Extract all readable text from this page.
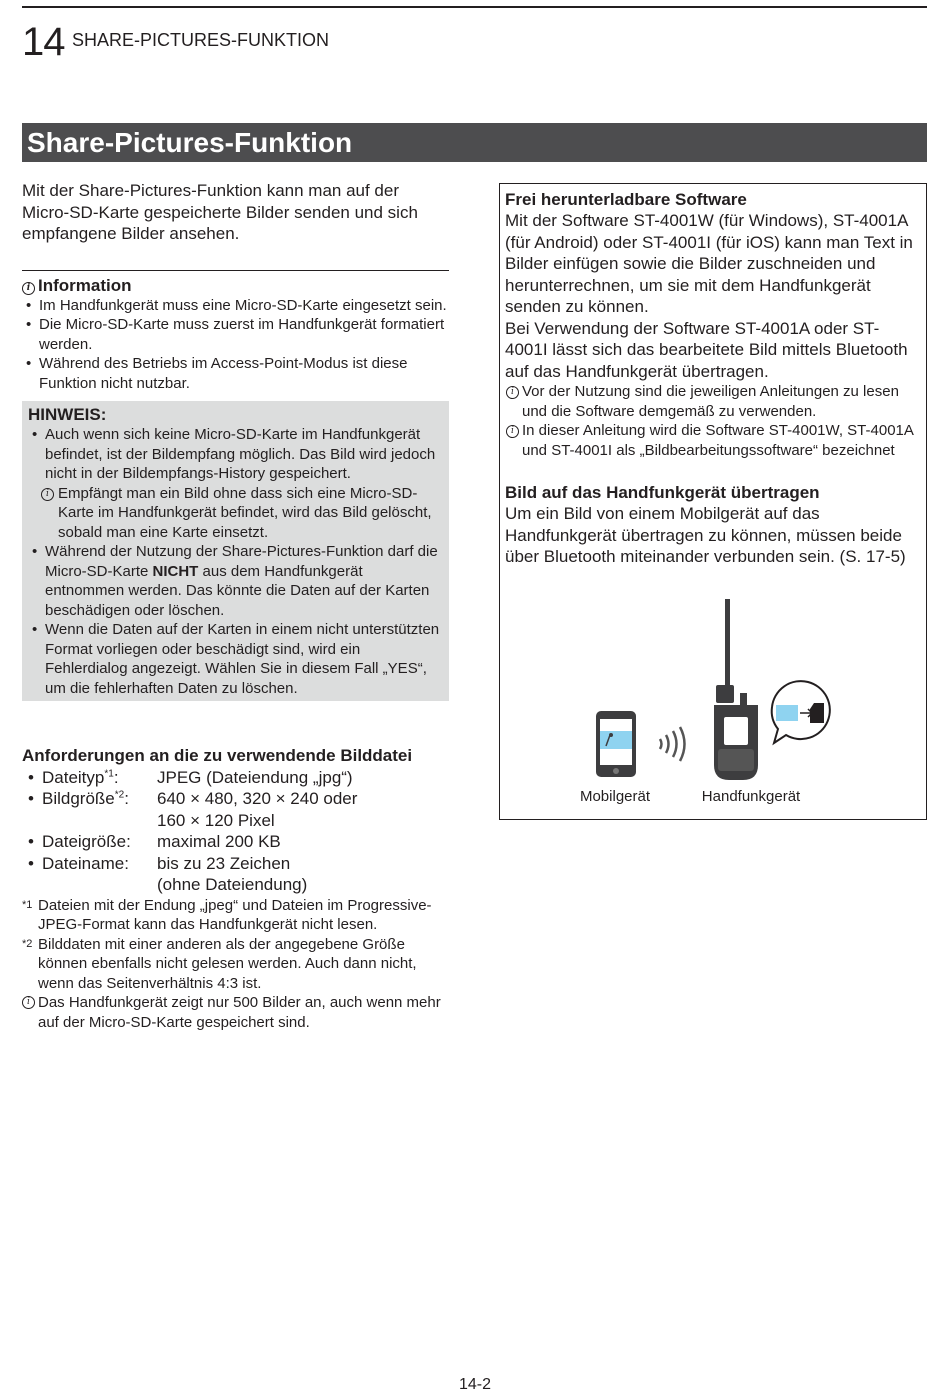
14 SHARE-PICTURES-FUNKTION
Share-Pictures-Funktion

Mit der Share-Pictures-Funktion kann man auf der Micro-SD-Karte gespeicherte Bilder senden und sich empfangene Bilder ansehen.

i Information
• Im Handfunkgerät muss eine Micro-SD-Karte eingesetzt sein.
• Die Micro-SD-Karte muss zuerst im Handfunkgerät formatiert werden.
• Während des Betriebs im Access-Point-Modus ist diese Funktion nicht nutzbar.
HINWEIS:
• Auch wenn sich keine Micro-SD-Karte im Handfunkgerät befindet, ist der Bildempfang möglich. Das Bild wird jedoch nicht in der Bildempfangs-History gespeichert.
i Empfängt man ein Bild ohne dass sich eine Micro-SD-Karte im Handfunkgerät befindet, wird das Bild gelöscht, sobald man eine Karte einsetzt.
• Während der Nutzung der Share-Pictures-Funktion darf die Micro-SD-Karte NICHT aus dem Handfunkgerät entnommen werden. Das könnte die Daten auf der Karten beschädigen oder löschen.
• Wenn die Daten auf der Karten in einem nicht unterstützten Format vorliegen oder beschädigt sind, wird ein Fehlerdialog angezeigt. Wählen Sie in diesem Fall „YES“, um die fehlerhaften Daten zu löschen.
Anforderungen an die zu verwendende Bilddatei
• Dateityp$^{*1}$:	JPEG (Dateiendung „jpg“)
• Bildgröße$^{*2}$:	640 × 480, 320 × 240 oder
160 × 120 Pixel
• Dateigröße:	maximal 200 KB
• Dateiname:	bis zu 23 Zeichen
(ohne Dateiendung)
*1 Dateien mit der Endung „jpeg“ und Dateien im Progressive-JPEG-Format kann das Handfunkgerät nicht lesen.
*2 Bilddaten mit einer anderen als der angegebene Größe können ebenfalls nicht gelesen werden. Auch dann nicht, wenn das Seitenverhältnis 4:3 ist.
i Das Handfunkgerät zeigt nur 500 Bilder an, auch wenn mehr auf der Micro-SD-Karte gespeichert sind.
Frei herunterladbare Software

Mit der Software ST-4001W (für Windows), ST-4001A (für Android) oder ST-4001I (für iOS) kann man Text in Bilder einfügen sowie die Bilder zuschneiden und herunterrechnen, um sie mit dem Handfunkgerät senden zu können.

Bei Verwendung der Software ST-4001A oder ST-4001I lässt sich das bearbeitete Bild mittels Bluetooth auf das Handfunkgerät übertragen.

i Vor der Nutzung sind die jeweiligen Anleitungen zu lesen und die Software demgemäß zu verwenden.
i In dieser Anleitung wird die Software ST-4001W, ST-4001A und ST-4001I als „Bildbearbeitungssoftware“ bezeichnet
Bild auf das Handfunkgerät übertragen

Um ein Bild von einem Mobilgerät auf das Handfunkgerät übertragen zu können, müssen beide über Bluetooth miteinander verbunden sein. (S. 17-5)

Mobilgerät	Handfunkgerät
14-2
